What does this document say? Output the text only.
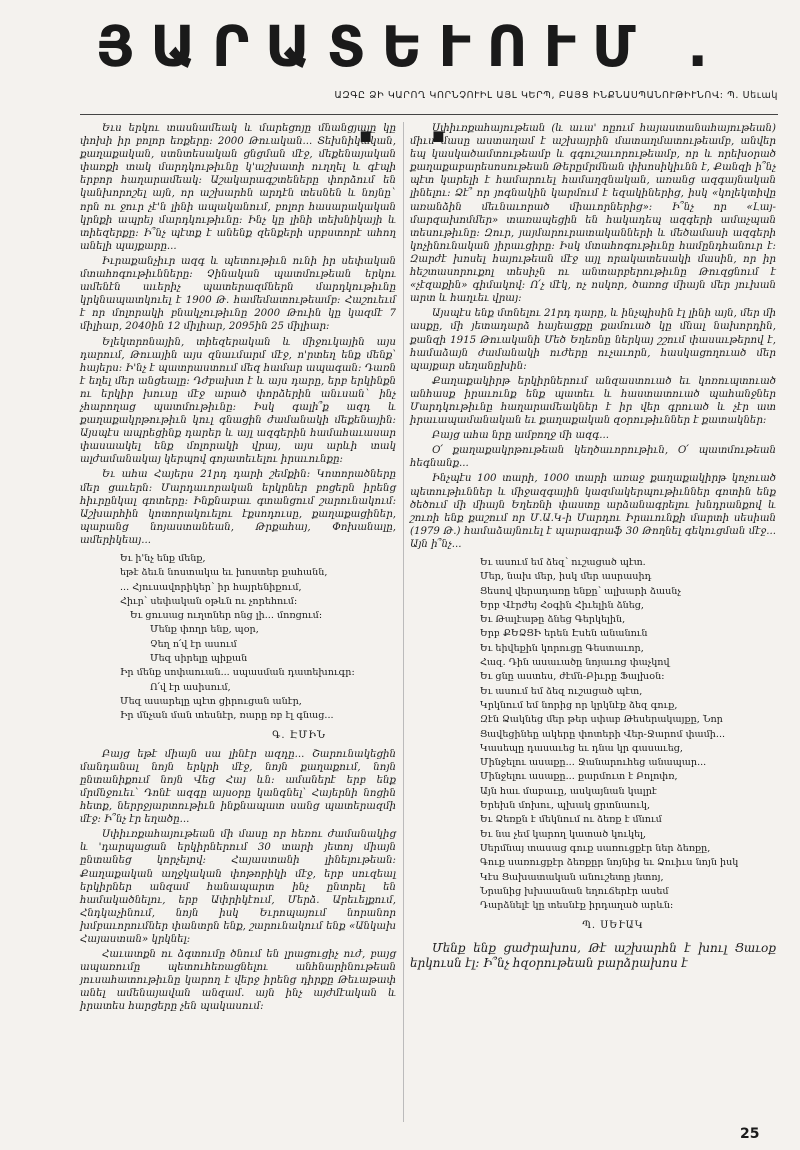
ՅԱՐԱՏԵՒՈՒՄ . . .
ԱԶԳԸ ՁԻ ԿԱՐՈՂ ԿՈՐՆՉՈՒԻԼ ԱՅԼ ԿԵՐՊ, ԲԱՅՑ ԻՆՔՆԱՍՊԱՆՈՒԹԻՒՆՈՎ: Պ. Սեւակ

Եւս երկու տասնամեակ և մարեցոյը մնանցյալը կը փոխի իր բոլոր եռքերը: 2000 Թուական... Տեխնիկական, քաղաքական, ստնտեսական ցնցման մէջ, մեքենայական փառքի տակ մարդկութիւնը կ'աշխատի ուղղել և գէպի երբոր հաղարամեակ: Աշակարագշտեները փորձում են կանխորոշել այն, որ աշխարհն արդէն տեսնեն և նոյնը` որն ու ջուր չէ'ն լինի ապականում, բոլոր հասարակական կրնքի ապրեյ մարդկութիւնը: Ինչ կը լինի տեխնիկայի և տիեզերքը: Ի՞նչ պէտք է անենք զենքերի սրբստորէ ահող անելի պայքարը...

Իւրաքանչիւր ազգ և պետութիւն ունի իր սեփական մտահոգութիւնները: Չինական պատմութեան երկու ամենէն աւերիչ պատերազմներն մարդկութիւնը կրկնապատկուել է 1900 Թ. համեմատութեամբ: Հաշուեւմ է որ մոլորակի բնակչութիւնը 2000 Թուին կը կազմէ 7 միլիար, 2040ին 12 միլիար, 2095ին 25 միլիար:

Ելեկտրոնային, տիեզերական և միջուկային այս դարում, Թուային այս զնաւմարմ մէջ, ո'րտեղ ենք մենք՝ հայերս: Ի'նչ է պատրաստում մեզ համար ապագան: Դառն է եղել մեր անցեալը: Դժբախտ է և այս դարը, երբ երկինքն ու երկիր խուսը մէջ արած փորձերին անւսան` ինչ չհարողաց պատմութիւնը: Իսկ գալի՞ք ազդ և քաղաքակրթութիւն կուլ գնացին ժամանակի մեքենային: Այսպէս ապրեցինք դարեր և այլ ազգերին համահաւասար փասաակել ենք մոլորակի վրայ, այս արևի տակ ալժամանակայ կերպով գոյատեւելու իրաւունքը:

Եւ ահա Հայերս 21րդ դարի շեմքին: Կոտորածները մեր ցաւերն: Մարդաւորական երկրներ բոցերն իրենց հիւրընկալ գոտերը: Ինքնաբաւ գտանցում շարունակում: Աշխարհին կոտորակուելու էքսոդուսը, քաղաքացիներ, պարանց նոյաստանեան, Թրքահայ, Փոխանալը, ամերիկեայ...

Եւ ի'նչ ենք մենք,
եթէ ձեւն նոստակա եւ խոստեր քահանն,
... Հյուսավորիկեր՝ իր հայրենիքում,
Հիւր՝ սեփական օթևն ու չորեհում:
Եւ ցուսաց ուղտներ ոնց լի... մոռցում:
Մենք փողր ենք, պօր,
Չեղ ո՛վ էր ասում
Մեզ սիրելը պիքան
Իր մենք սոփաուան... սպասման դատեխուգր:
Ո՛վ էր ասիսում,
Մեզ ասարելը պէտ ցիրուցան անէր,
Իր մնչան ման տեսնէր, ռարը ռբ էլ գնաց...
Գ. ԷՄԻՆ

Բայց եթէ միայն սա լինէր ազդը... Շարունակեցին մանդանալ նոյն երկրի մէջ, նոյն քաղաքում, նոյն ընտանիքում նոյն Վեց Հայ ևն: ամաներէ երբ ենք մրմնջուեւ՝ Դոնէ ազգը այսօրը կանգնել՝ Հայերնի նոցին հետք, ներրջյարտութիւն ինքնապատ սանց պատերազմի մէջ: Ի՞նչ էր եղածը...

Սփիւռքահայութեան մի մասը որ հեռու ժամանակից և 'դարպացան երկիրներում 30 տարի յետոյ միայն ընտանեց կորչելով: Հայաստանի լինելութեան: Քաղաքական աղջկական փոթորիկի մէջ, երբ սուզեալ երկիրներ անզամ հանապարտ ինչ ընտրել են համակածնելու, երբ Ափրիկէում, Մերձ. Արեւելքում, Հնդկաչինում, նոյն իսկ Եւրոպայում նորանոր խմբաւորումներ փանտրն ենք, շարունակում ենք «Անկախ Հայաստան» կրկնել:

Հաւատքն ու ձգտումը ծնում են լրացուցիչ ուժ, բայց ապառումը պետուհեռացնելու անհնարինութեան յուսահատութիւնը կարող է վերջ իրենց դիրքը Թեւաթափ անել ամենայավան անզամ. այն ինչ այժմէական և իրատես հարցերը չեն պակասում:

Սփիւռքահայութեան (և աւա' ոըում հայաստանահայութեան) միւս մասը աստաղամ է աշխայրին մատաղմատութեամբ, անվեր եպ կասկածամտութեամբ և գգուշաւորութեամբ, որ և որեխօրած քաղաքաբարեսոսութեան Թերըմրմնան փխոսիկիւնն է, Քանզի ի՞նչ պէտ կարելի է համարուել համաղզնական, առանց ազգայնական լինելու: Ձէ՞ որ յոգնակին կարմում է եզակիներից, իսկ «կոլեկտիվը առանձին մեւնաւորած միաւորներից»: Ի՞նչ որ «Լայ-մարզախոմմեր» տառապեցին են հակադեպ ազգերի ամաչպան տեսութիւնը: Զուր, յայմարուրատականների և մեծամասի ազգերի կոչինունական յիրաւցիրը: Իսկ մտահոգութիւնը համընդհանուր է: Զարժէ խոսել հայութեան մէջ այլ որակատեսակի մասին, որ իր հեշտասորուքոլ տեսիչն ու անտարբերութիւնը Թուզցնում է «չէզաքին» գիմակով: Ո՛չ մէկ, ոչ ոսկոր, ծառոց միայն մեր յուխան արտ և հաղւեւ վրայ:

Այսպէս ենք մտնելու 21րդ դարը, և ինչպիսին էլ լինի այն, մեր մի ասքը, մի յետադարձ հայեացքը քամուած կը մնալ նախորդին, քանզի 1915 Թուականի Մեծ Եղեռնը ներկայ շշում փասաւթերով է, համաձայն ժամանակի ուժերը ուչաւորն, հասկացողուած մեր պայքար սեղանըխին:

Քաղաքակիրթ երկիրներում անզաստուած եւ կոռուպտուած անհասք իրաւունք ենք պատեւ և հաստատուած պահանջներ Մարդկութիւնը հաղարամեակներ է իր վեր գրուած և չէր ատ իրաւապամանական եւ քաղաքական զօրութիւններ է քատակներ:

Բայց ահա նրը ամբողջ մի ազգ...

Օ՛ քաղաքակրթութեան կեղծաւորութիւն, Օ՛ պատմութեան հեգնանք...

Ինչպէս 100 տարի, 1000 տարի առաջ քաղաքակիրթ կոչուած պետութիւններ և միջազգային կազմակերպութիւններ գոտին ենք ծեծում մի միայն Եղեռնի փաստը արձանագրելու խնդրանքով և շուռի ենք քաշում որ Մ.Ա.Կ-ի Մարդու Իրաւունքի մարտի սեսիան (1979 Թ.) համաձայնուել է պարագրաֆ 30 Թողնել գեկուցման մէջ... Այն ի՞նչ...

Եւ ասում եմ ձեզ՝ ուշացած պէտ.
Մեր, նախ մեր, իսկ մեր ասրասիդ
Ցեսով վերադառը ենքը՝ ալխարի ձասնչ
Երբ Վէրժեյ Հօգին Հիւելին ձնեց,
Եւ Թալէաթը ձնեց Գերկելին,
Երբ ՔԵՁՑԻ երեն Էսեն անանուն
Եւ եիվեքին կորուցը Գեստաւոր,
Հազ. Դին ասաւածը նոյաւոց փաչկով
Եւ ցնը աստես, ժէմն-Բիւրը Ֆալխօն:
Եւ ասում եմ ձեզ ուշացած պէտ,
Կրկնում եմ նորից որ կրկնէք ձեզ գուք,
Զէն Ձակնեց մեր թեր սփաբ Թեսերակայքը, Նոր
Ցավեցինեը ակերը փոտերի Վեր-Ջարոմ փամի...
Կասեպը դասաւեց եւ դնա կր գասաւեց,
Մինջելու ասաքը... Ջանարուհեց անապար...
Մինջելու ասաքը... քարմուտ է Բոլոփռ,
Այն հաւ մաբաւը, ասկայնան կալրէ
Երեխն մոխու, պխակ ցրտնաուկ,
Եւ Ձեռքն է մեկնում ու ձեռք է մնում
Եւ նա չեմ կարող կատած կուկել,
Սերմնայ տասաց գուք սառուցքէր ներ ձեռքը,
Գուք սառուցքէր ձեռքըր նոյնից եւ Ձուիւս նոյն իսկ
Կէս Ցախատական անուշետը յետոյ,
Նրանից խխաանան եղուճերէր ասեմ
Դարձնելէ կը տեսնէք իրդաղած արևն:
Պ. ՍԵՒԱԿ

Մենք ենք ցաժրախոս, Թէ աշխարհն է խուլ Ցաւօք երկուսն էլ: Ի՞նչ հզօրութեան բարձրախոս է

25
